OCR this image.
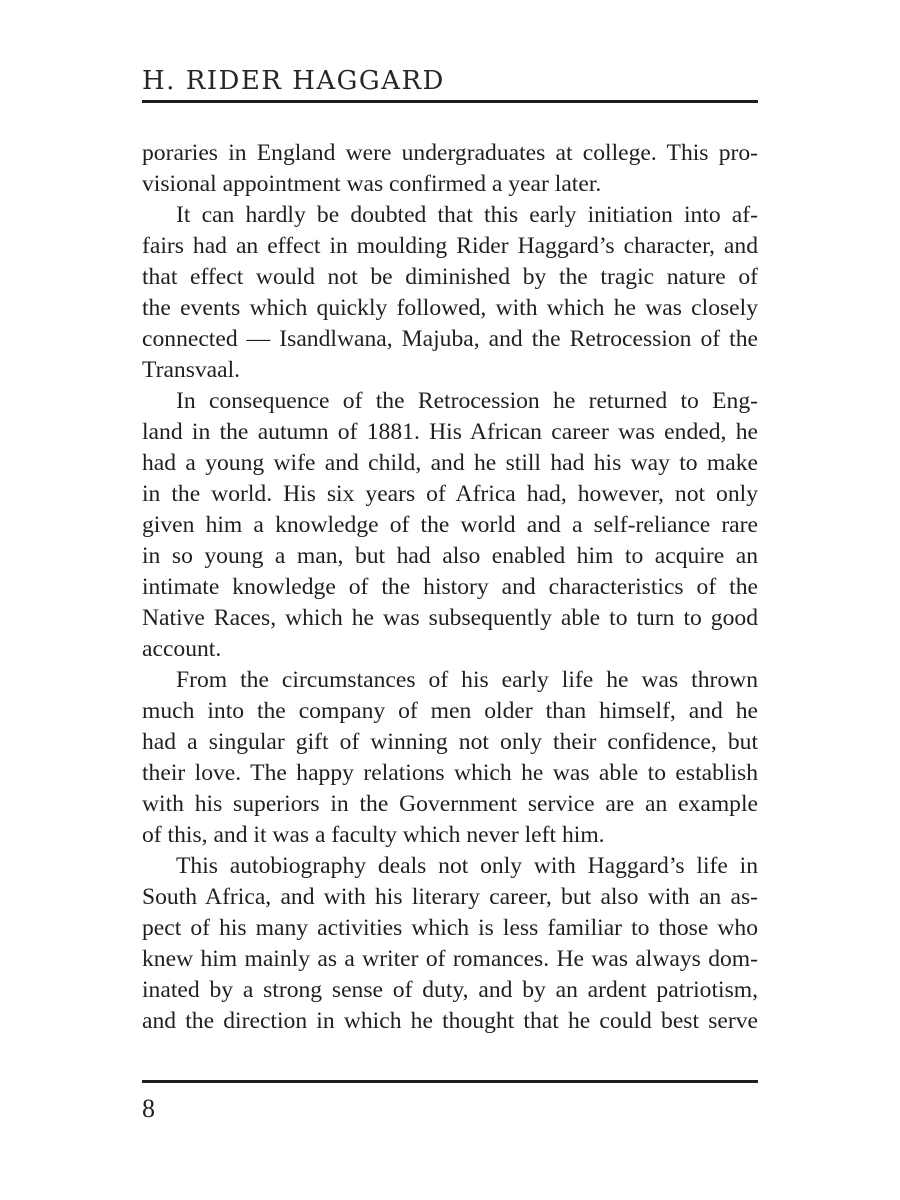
H. RIDER HAGGARD
poraries in England were undergraduates at college. This pro-
visional appointment was confirmed a year later.
It can hardly be doubted that this early initiation into af-
fairs had an effect in moulding Rider Haggard’s character, and
that effect would not be diminished by the tragic nature of
the events which quickly followed, with which he was closely
connected — Isandlwana, Majuba, and the Retrocession of the
Transvaal.
In consequence of the Retrocession he returned to Eng-
land in the autumn of 1881. His African career was ended, he
had a young wife and child, and he still had his way to make
in the world. His six years of Africa had, however, not only
given him a knowledge of the world and a self-reliance rare
in so young a man, but had also enabled him to acquire an
intimate knowledge of the history and characteristics of the
Native Races, which he was subsequently able to turn to good
account.
From the circumstances of his early life he was thrown
much into the company of men older than himself, and he
had a singular gift of winning not only their confidence, but
their love. The happy relations which he was able to establish
with his superiors in the Government service are an example
of this, and it was a faculty which never left him.
This autobiography deals not only with Haggard’s life in
South Africa, and with his literary career, but also with an as-
pect of his many activities which is less familiar to those who
knew him mainly as a writer of romances. He was always dom-
inated by a strong sense of duty, and by an ardent patriotism,
and the direction in which he thought that he could best serve
8
